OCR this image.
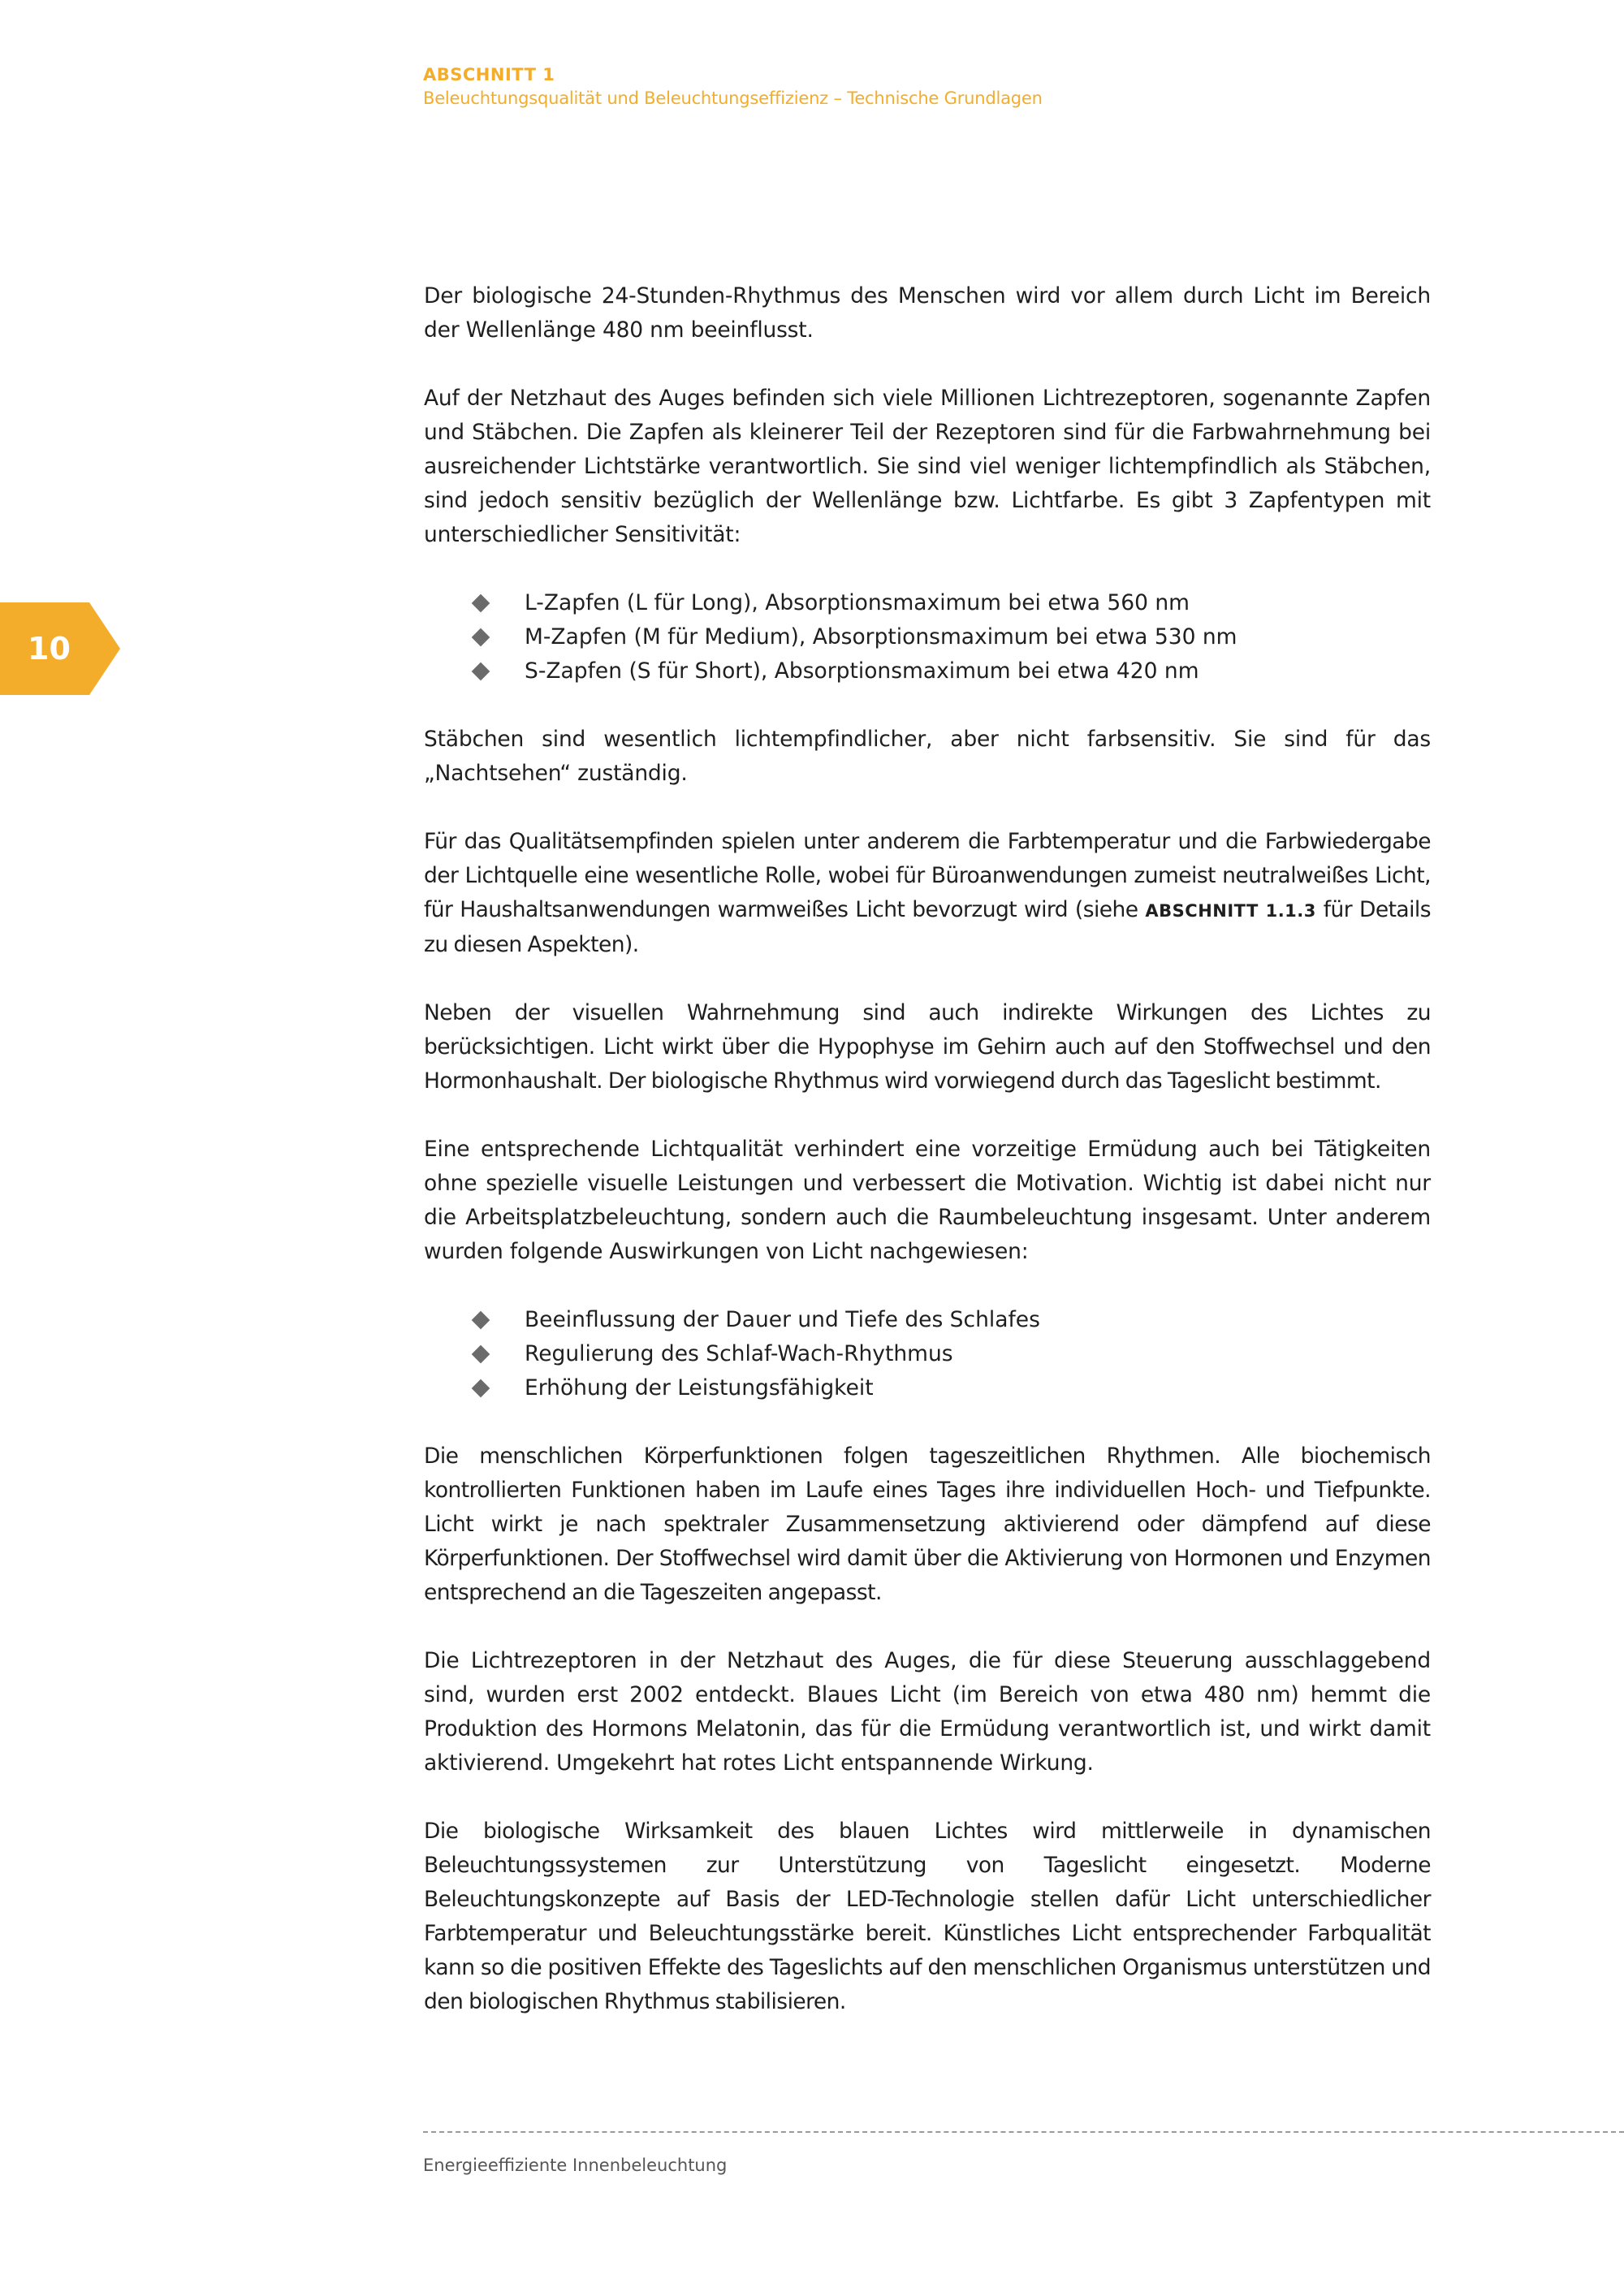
ABSCHNITT 1
Beleuchtungsqualität und Beleuchtungseffizienz – Technische Grundlagen
10

Der biologische 24-Stunden-Rhythmus des Menschen wird vor allem durch Licht im Bereich der Wellenlänge 480 nm beeinflusst.

Auf der Netzhaut des Auges befinden sich viele Millionen Lichtrezeptoren, sogenannte Zapfen und Stäbchen. Die Zapfen als kleinerer Teil der Rezeptoren sind für die Farbwahrnehmung bei ausreichender Lichtstärke verantwortlich. Sie sind viel weniger lichtempfindlich als Stäbchen, sind jedoch sensitiv bezüglich der Wellenlänge bzw. Lichtfarbe. Es gibt 3 Zapfentypen mit unterschiedlicher Sensitivität:

L-Zapfen (L für Long), Absorptionsmaximum bei etwa 560 nm
M-Zapfen (M für Medium), Absorptionsmaximum bei etwa 530 nm
S-Zapfen (S für Short), Absorptionsmaximum bei etwa 420 nm

Stäbchen sind wesentlich lichtempfindlicher, aber nicht farbsensitiv. Sie sind für das „Nachtsehen“ zuständig.

Für das Qualitätsempfinden spielen unter anderem die Farbtemperatur und die Farbwiedergabe der Lichtquelle eine wesentliche Rolle, wobei für Büroanwendungen zumeist neutralweißes Licht, für Haushaltsanwendungen warmweißes Licht bevorzugt wird (siehe ABSCHNITT 1.1.3 für Details zu diesen Aspekten).

Neben der visuellen Wahrnehmung sind auch indirekte Wirkungen des Lichtes zu berücksichtigen. Licht wirkt über die Hypophyse im Gehirn auch auf den Stoffwechsel und den Hormonhaushalt. Der biologische Rhythmus wird vorwiegend durch das Tageslicht bestimmt.

Eine entsprechende Lichtqualität verhindert eine vorzeitige Ermüdung auch bei Tätigkeiten ohne spezielle visuelle Leistungen und verbessert die Motivation. Wichtig ist dabei nicht nur die Arbeitsplatzbeleuchtung, sondern auch die Raumbeleuchtung insgesamt. Unter anderem wurden folgende Auswirkungen von Licht nachgewiesen:

Beeinflussung der Dauer und Tiefe des Schlafes
Regulierung des Schlaf-Wach-Rhythmus
Erhöhung der Leistungsfähigkeit

Die menschlichen Körperfunktionen folgen tageszeitlichen Rhythmen. Alle biochemisch kontrollierten Funktionen haben im Laufe eines Tages ihre individuellen Hoch- und Tiefpunkte. Licht wirkt je nach spektraler Zusammensetzung aktivierend oder dämpfend auf diese Körperfunktionen. Der Stoffwechsel wird damit über die Aktivierung von Hormonen und Enzymen entsprechend an die Tageszeiten angepasst.

Die Lichtrezeptoren in der Netzhaut des Auges, die für diese Steuerung ausschlaggebend sind, wurden erst 2002 entdeckt. Blaues Licht (im Bereich von etwa 480 nm) hemmt die Produktion des Hormons Melatonin, das für die Ermüdung verantwortlich ist, und wirkt damit aktivierend. Umgekehrt hat rotes Licht entspannende Wirkung.

Die biologische Wirksamkeit des blauen Lichtes wird mittlerweile in dynamischen Beleuchtungssystemen zur Unterstützung von Tageslicht eingesetzt. Moderne Beleuchtungskonzepte auf Basis der LED-Technologie stellen dafür Licht unterschiedlicher Farbtemperatur und Beleuchtungsstärke bereit. Künstliches Licht entsprechender Farbqualität kann so die positiven Effekte des Tageslichts auf den menschlichen Organismus unterstützen und den biologischen Rhythmus stabilisieren.

Energieeffiziente Innenbeleuchtung
